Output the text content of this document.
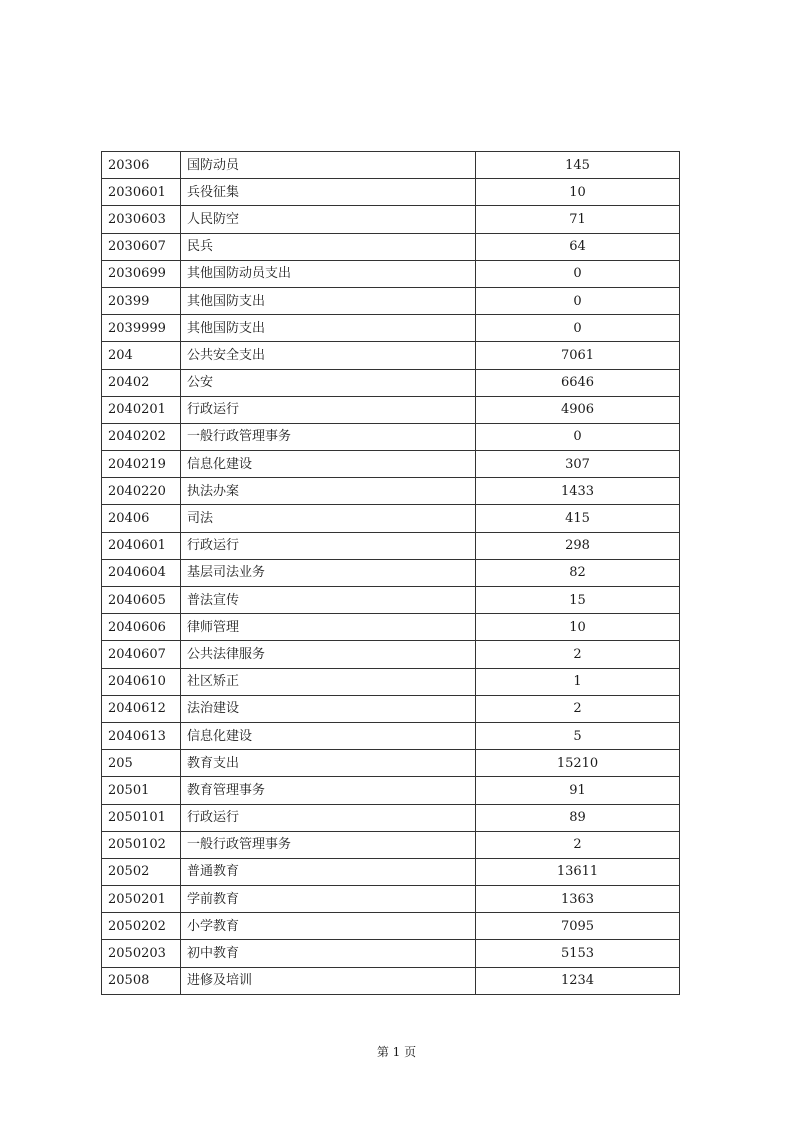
20306	国防动员	145
2030601	兵役征集	10
2030603	人民防空	71
2030607	民兵	64
2030699	其他国防动员支出	0
20399	其他国防支出	0
2039999	其他国防支出	0
204	公共安全支出	7061
20402	公安	6646
2040201	行政运行	4906
2040202	一般行政管理事务	0
2040219	信息化建设	307
2040220	执法办案	1433
20406	司法	415
2040601	行政运行	298
2040604	基层司法业务	82
2040605	普法宣传	15
2040606	律师管理	10
2040607	公共法律服务	2
2040610	社区矫正	1
2040612	法治建设	2
2040613	信息化建设	5
205	教育支出	15210
20501	教育管理事务	91
2050101	行政运行	89
2050102	一般行政管理事务	2
20502	普通教育	13611
2050201	学前教育	1363
2050202	小学教育	7095
2050203	初中教育	5153
20508	进修及培训	1234
第 1 页
